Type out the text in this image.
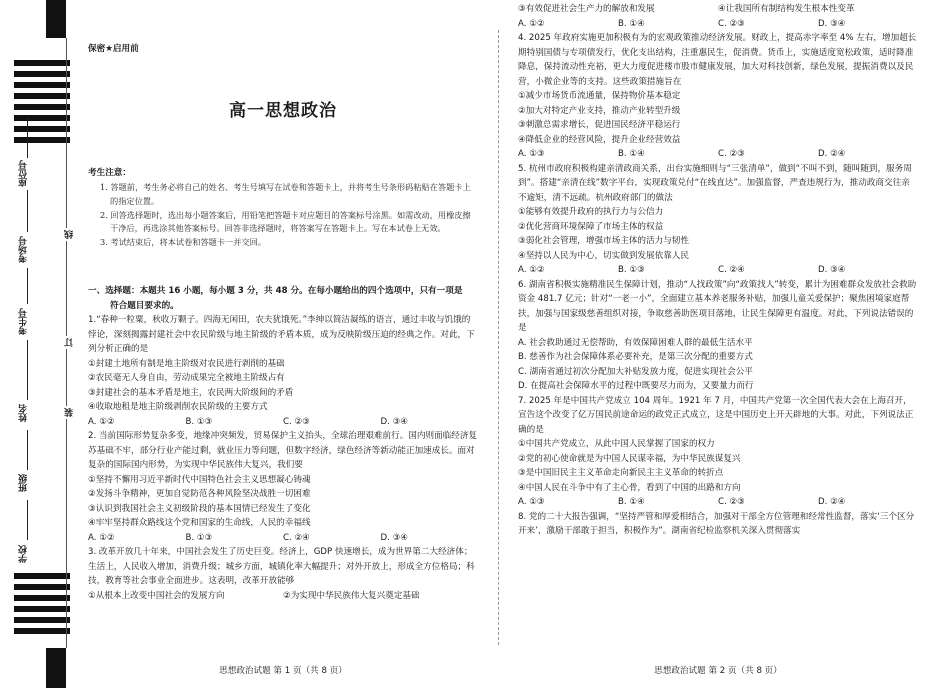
座位号
考场号
考生号
姓名
班级
学校
线
订
装
保密★启用前
高一思想政治
考生注意：

1. 答题前，考生务必将自己的姓名、考生号填写在试卷和答题卡上，并将考生号条形码粘贴在答题卡上的指定位置。

2. 回答选择题时，选出每小题答案后，用铅笔把答题卡对应题目的答案标号涂黑。如需改动，用橡皮擦干净后，再选涂其他答案标号。回答非选择题时，将答案写在答题卡上。写在本试卷上无效。

3. 考试结束后，将本试卷和答题卡一并交回。

一、选择题：本题共 16 小题，每小题 3 分，共 48 分。在每小题给出的四个选项中，只有一项是
符合题目要求的。

1.“春种一粒粟，秋收万颗子。四海无闲田，农夫犹饿死。”李绅以简洁凝练的语言，通过丰收与饥饿的悖论，深刻揭露封建社会中农民阶级与地主阶级的矛盾本质，成为反映阶级压迫的经典之作。对此，下列分析正确的是

①封建土地所有制是地主阶级对农民进行剥削的基础

②农民毫无人身自由，劳动成果完全被地主阶级占有

③封建社会的基本矛盾是地主，农民两大阶级间的矛盾

④收取地租是地主阶级剥削农民阶级的主要方式

A. ①②	B. ①③	C. ②③	D. ③④

2. 当前国际形势复杂多变，地缘冲突频发，贸易保护主义抬头，全球治理艰难前行。国内则面临经济复苏基础不牢，部分行业产能过剩，就业压力等问题，但数字经济，绿色经济等新动能正加速成长。面对复杂的国际国内形势，为实现中华民族伟大复兴，我们要

①坚持不懈用习近平新时代中国特色社会主义思想凝心铸魂

②发扬斗争精神，更加自觉防范各种风险坚决战胜一切困难

③认识到我国社会主义初级阶段的基本国情已经发生了变化

④牢牢坚持群众路线这个党和国家的生命线，人民的幸福线

A. ①②	B. ①③	C. ②④	D. ③④

3. 改革开放几十年来，中国社会发生了历史巨变。经济上，GDP 快速增长，成为世界第二大经济体；生活上，人民收入增加，消费升级；城乡方面，城镇化率大幅提升；对外开放上，形成全方位格局；科技，教育等社会事业全面进步。这表明，改革开放能够

①从根本上改变中国社会的发展方向	②为实现中华民族伟大复兴奠定基础
思想政治试题 第 1 页（共 8 页）
③有效促进社会生产力的解放和发展	④让我国所有制结构发生根本性变革
A. ①②	B. ①④	C. ②③	D. ③④

4. 2025 年政府实施更加积极有为的宏观政策推动经济发展。财政上，提高赤字率至 4% 左右，增加超长期特别国债与专项债发行，优化支出结构，注重惠民生，促消费。货币上，实施适度宽松政策，适时降准降息，保持流动性充裕，更大力度促进楼市股市健康发展，加大对科技创新，绿色发展，提振消费以及民营，小微企业等的支持。这些政策措施旨在

①减少市场货币流通量，保持物价基本稳定

②加大对特定产业支持，推动产业转型升级

③刺激总需求增长，促进国民经济平稳运行

④降低企业的经营风险，提升企业经营效益

A. ①③	B. ①④	C. ②③	D. ②④

5. 杭州市政府积极构建亲清政商关系，出台实施细则与“三张清单”，做到“不叫不到，随叫随到，服务周到”。搭建“亲清在线”数字平台，实现政策兑付“在线直达”。加强监督，严查违规行为，推动政商交往亲不逾矩，清不远疏。杭州政府部门的做法

①能够有效提升政府的执行力与公信力

②优化营商环境保障了市场主体的权益

③弱化社会管理，增强市场主体的活力与韧性

④坚持以人民为中心，切实做到发展依靠人民

A. ①②	B. ①③	C. ②④	D. ③④

6. 湖南省积极实施精准民生保障计划，推动“人找政策”向“政策找人”转变，累计为困难群众发放社会救助资金 481.7 亿元；针对“一老一小”，全面建立基本养老服务补贴，加强儿童关爱保护；聚焦困境家庭帮扶，加强与国家级慈善组织对接，争取慈善助医项目落地，让民生保障更有温度。对此，下列说法错误的是

A. 社会救助通过无偿帮助，有效保障困难人群的最低生活水平

B. 慈善作为社会保障体系必要补充，是第三次分配的重要方式

C. 湖南省通过初次分配加大补贴发放力度，促进实现社会公平

D. 在提高社会保障水平的过程中既要尽力而为，又要量力而行

7. 2025 年是中国共产党成立 104 周年。1921 年 7 月，中国共产党第一次全国代表大会在上海召开，宣告这个改变了亿万国民前途命运的政党正式成立，这是中国历史上开天辟地的大事。对此，下列说法正确的是

①中国共产党成立，从此中国人民掌握了国家的权力

②党的初心使命就是为中国人民谋幸福，为中华民族谋复兴

③是中国旧民主主义革命走向新民主主义革命的转折点

④中国人民在斗争中有了主心骨，看到了中国的出路和方向

A. ①③	B. ①④	C. ②③	D. ②④

8. 党的二十大报告强调，“坚持严管和厚爱相结合，加强对干部全方位管理和经常性监督，落实‘三个区分开来’，激励干部敢于担当，积极作为”。湖南省纪检监察机关深入贯彻落实

思想政治试题 第 2 页（共 8 页）
